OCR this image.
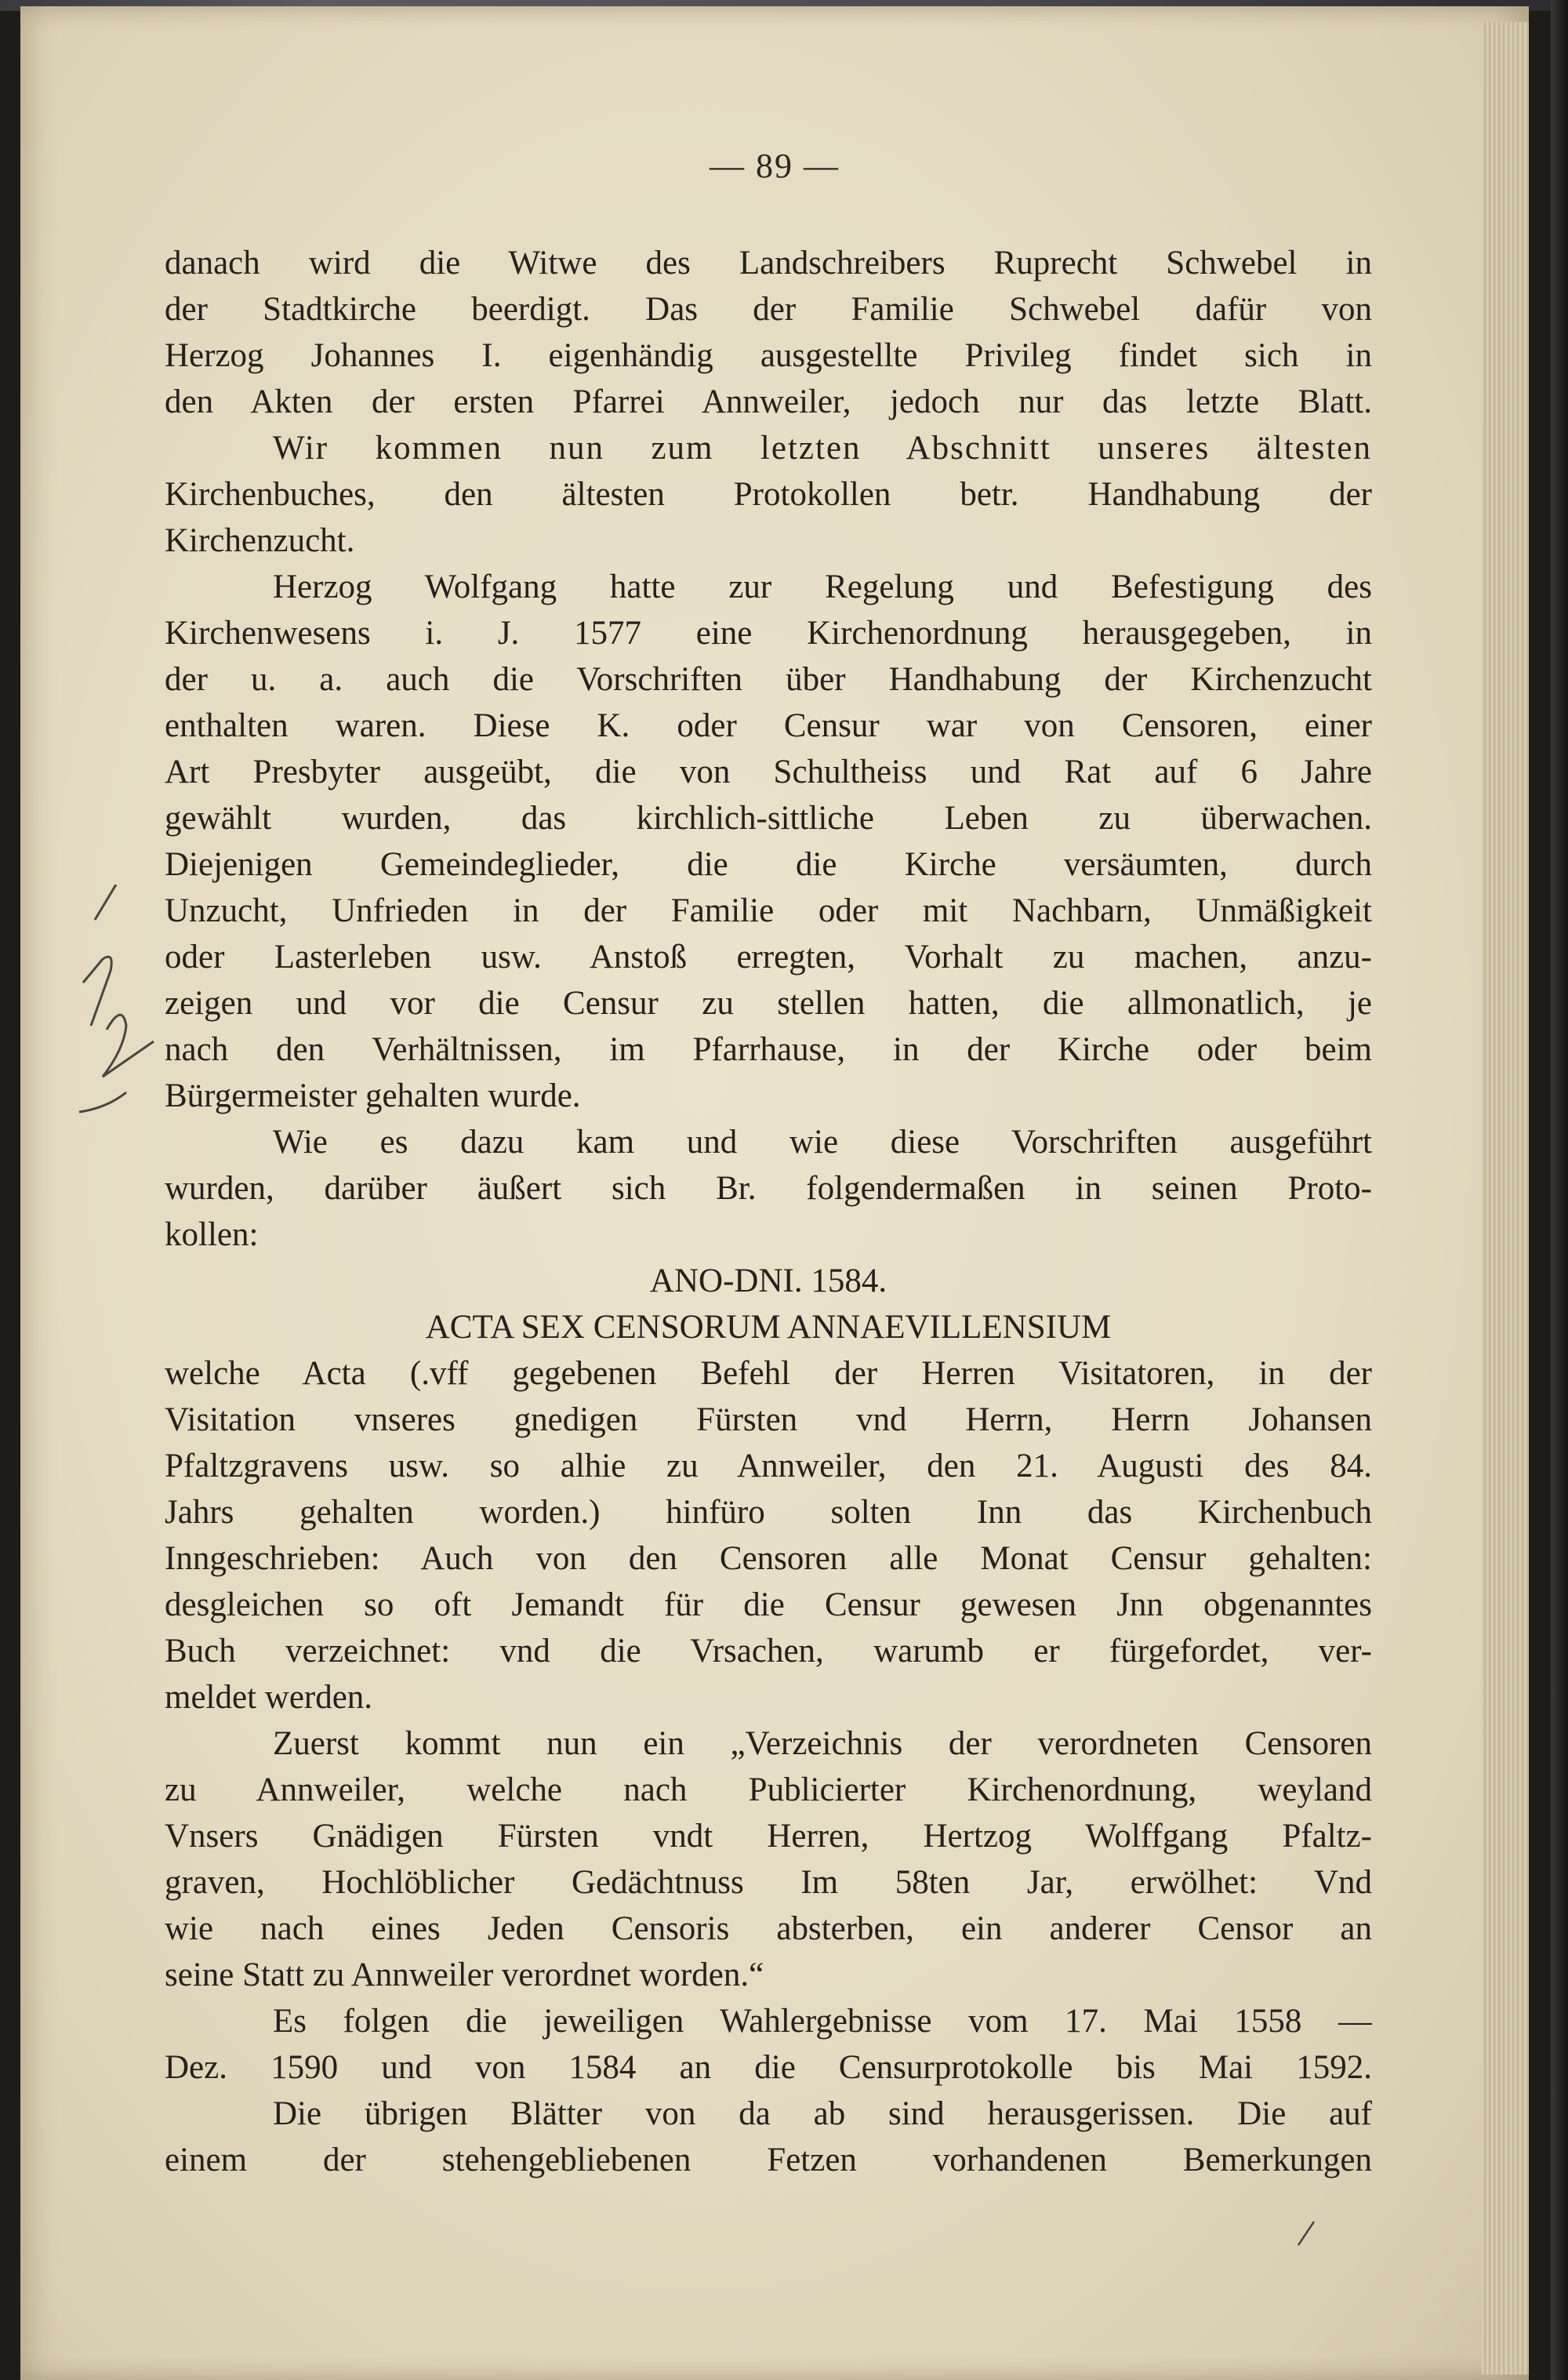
— 89 —
danach wird die Witwe des Landschreibers Ruprecht Schwebel in
der Stadtkirche beerdigt. Das der Familie Schwebel dafür von
Herzog Johannes I. eigenhändig ausgestellte Privileg findet sich in
den Akten der ersten Pfarrei Annweiler, jedoch nur das letzte Blatt.
Wir kommen nun zum letzten Abschnitt unseres ältesten
Kirchenbuches, den ältesten Protokollen betr. Handhabung der
Kirchenzucht.
Herzog Wolfgang hatte zur Regelung und Befestigung des
Kirchenwesens i. J. 1577 eine Kirchenordnung herausgegeben, in
der u. a. auch die Vorschriften über Handhabung der Kirchenzucht
enthalten waren. Diese K. oder Censur war von Censoren, einer
Art Presbyter ausgeübt, die von Schultheiss und Rat auf 6 Jahre
gewählt wurden, das kirchlich-sittliche Leben zu überwachen.
Diejenigen Gemeindeglieder, die die Kirche versäumten, durch
Unzucht, Unfrieden in der Familie oder mit Nachbarn, Unmäßigkeit
oder Lasterleben usw. Anstoß erregten, Vorhalt zu machen, anzu-
zeigen und vor die Censur zu stellen hatten, die allmonatlich, je
nach den Verhältnissen, im Pfarrhause, in der Kirche oder beim
Bürgermeister gehalten wurde.
Wie es dazu kam und wie diese Vorschriften ausgeführt
wurden, darüber äußert sich Br. folgendermaßen in seinen Proto-
kollen:
ANO-DNI. 1584.
ACTA SEX CENSORUM ANNAEVILLENSIUM
welche Acta (.vff gegebenen Befehl der Herren Visitatoren, in der
Visitation vnseres gnedigen Fürsten vnd Herrn, Herrn Johansen
Pfaltzgravens usw. so alhie zu Annweiler, den 21. Augusti des 84.
Jahrs gehalten worden.) hinfüro solten Inn das Kirchenbuch
Inngeschrieben: Auch von den Censoren alle Monat Censur gehalten:
desgleichen so oft Jemandt für die Censur gewesen Jnn obgenanntes
Buch verzeichnet: vnd die Vrsachen, warumb er fürgefordet, ver-
meldet werden.
Zuerst kommt nun ein „Verzeichnis der verordneten Censoren
zu Annweiler, welche nach Publicierter Kirchenordnung, weyland
Vnsers Gnädigen Fürsten vndt Herren, Hertzog Wolffgang Pfaltz-
graven, Hochlöblicher Gedächtnuss Im 58ten Jar, erwölhet: Vnd
wie nach eines Jeden Censoris absterben, ein anderer Censor an
seine Statt zu Annweiler verordnet worden.“
Es folgen die jeweiligen Wahlergebnisse vom 17. Mai 1558 —
Dez. 1590 und von 1584 an die Censurprotokolle bis Mai 1592.
Die übrigen Blätter von da ab sind herausgerissen. Die auf
einem der stehengebliebenen Fetzen vorhandenen Bemerkungen
